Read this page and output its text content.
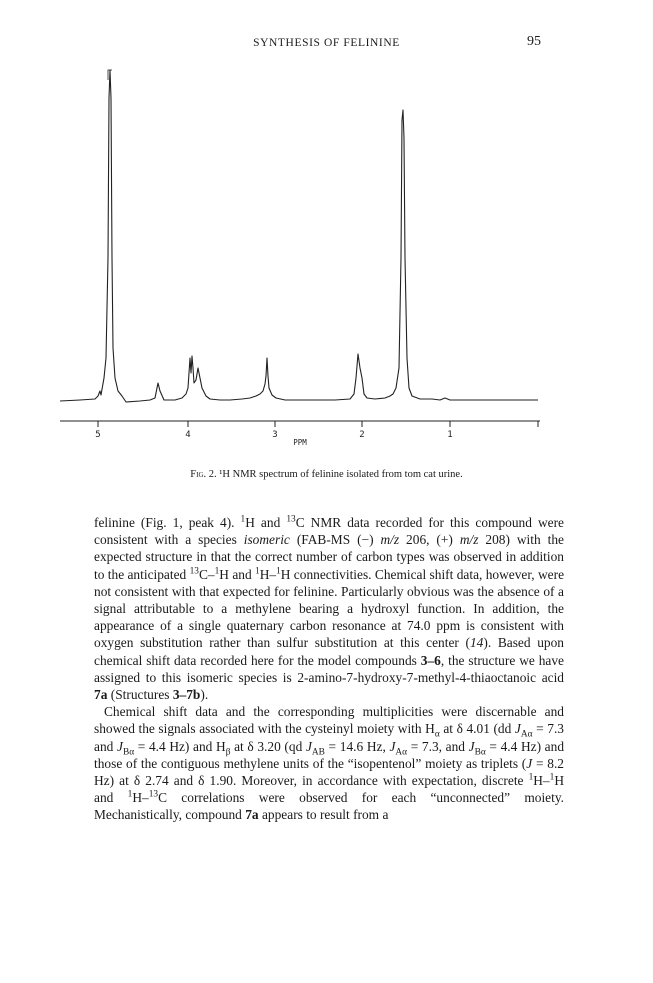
SYNTHESIS OF FELININE	95
5	4	3	2	1
PPM
Fig. 2. ¹H NMR spectrum of felinine isolated from tom cat urine.

felinine (Fig. 1, peak 4). $^1$H and $^{13}$C NMR data recorded for this compound were consistent with a species isomeric (FAB-MS (−) m/z 206, (+) m/z 208) with the expected structure in that the correct number of carbon types was observed in addition to the anticipated $^{13}$C–$^1$H and $^1$H–$^1$H connectivities. Chemical shift data, however, were not consistent with that expected for felinine. Particularly obvious was the absence of a signal attributable to a methylene bearing a hydroxyl function. In addition, the appearance of a single quaternary carbon resonance at 74.0 ppm is consistent with oxygen substitution rather than sulfur substitution at this center (14). Based upon chemical shift data recorded here for the model compounds 3–6, the structure we have assigned to this isomeric species is 2-amino-7-hydroxy-7-methyl-4-thiaoctanoic acid 7a (Structures 3–7b).

Chemical shift data and the corresponding multiplicities were discernable and showed the signals associated with the cysteinyl moiety with $H_\alpha$ at δ 4.01 (dd $J_{A\alpha} = 7.3$ and $J_{B\alpha} = 4.4$ Hz) and $H_\beta$ at δ 3.20 (qd $J_{AB} = 14.6$ Hz, $J_{A\alpha} = 7.3$, and $J_{B\alpha} = 4.4$ Hz) and those of the contiguous methylene units of the “isopentenol” moiety as triplets (J = 8.2 Hz) at δ 2.74 and δ 1.90. Moreover, in accordance with expectation, discrete $^1$H–$^1$H and $^1$H–$^{13}$C correlations were observed for each “unconnected” moiety. Mechanistically, compound 7a appears to result from a
